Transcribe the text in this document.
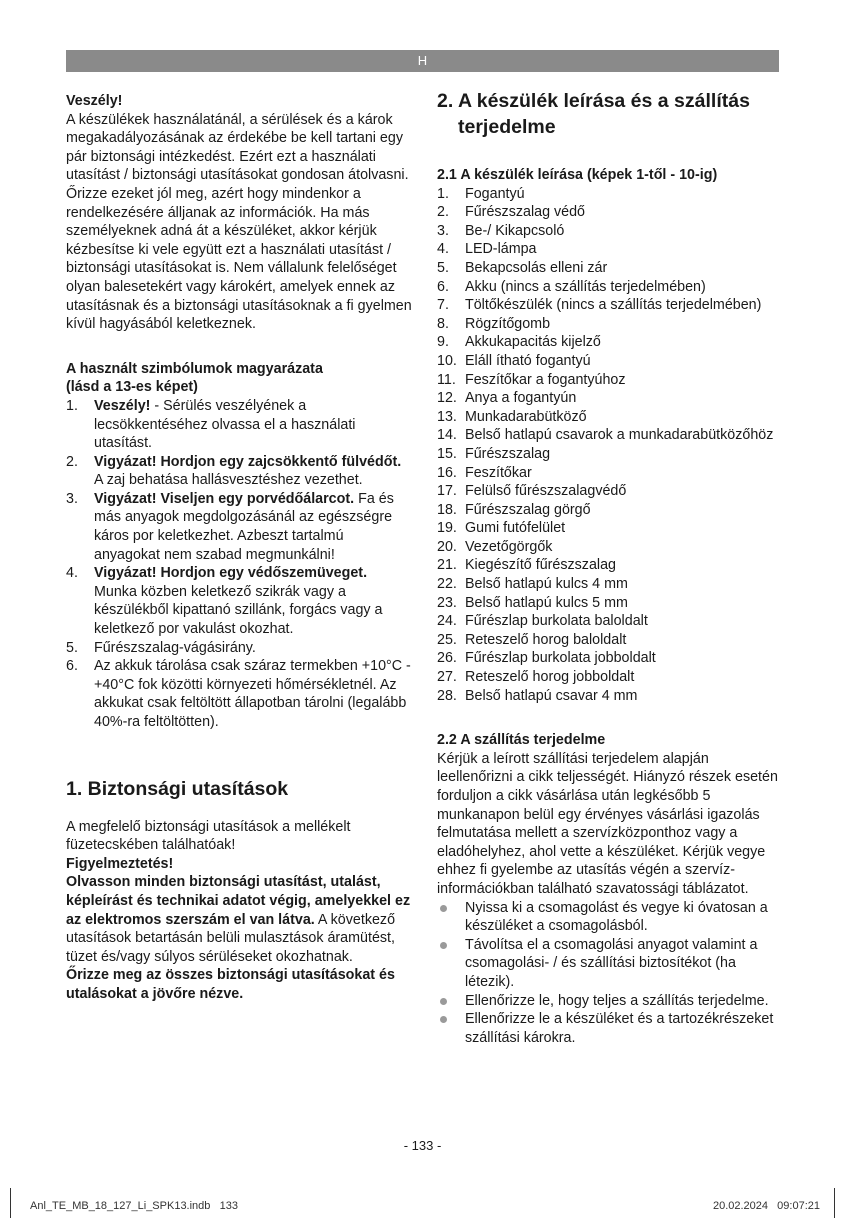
H

Veszély!

A készülékek használatánál, a sérülések és a károk megakadályozásának az érdekébe be kell tartani egy pár biztonsági intézkedést. Ezért ezt a használati utasítást / biztonsági utasításokat gondosan átolvasni. Őrizze ezeket jól meg, azért hogy mindenkor a rendelkezésére álljanak az információk. Ha más személyeknek adná át a készüléket, akkor kérjük kézbesítse ki vele együtt ezt a használati utasítást / biztonsági utasításokat is. Nem vállalunk felelőséget olyan balesetekért vagy károkért, amelyek ennek az utasításnak és a biztonsági utasításoknak a fi gyelmen kívül hagyásából keletkeznek.

A használt szimbólumok magyarázata

(lásd a 13-es képet)

1. Veszély! - Sérülés veszélyének a lecsökkentéséhez olvassa el a használati utasítást.
2. Vigyázat! Hordjon egy zajcsökkentő fülvédőt. A zaj behatása hallásvesztéshez vezethet.
3. Vigyázat! Viseljen egy porvédőálarcot. Fa és más anyagok megdolgozásánál az egészségre káros por keletkezhet. Azbeszt tartalmú anyagokat nem szabad megmunkálni!
4. Vigyázat! Hordjon egy védőszemüveget. Munka közben keletkező szikrák vagy a készülékből kipattanó szillánk, forgács vagy a keletkező por vakulást okozhat.
5. Fűrészszalag-vágásirány.
6. Az akkuk tárolása csak száraz termekben +10°C - +40°C fok közötti környezeti hőmérsékletnél. Az akkukat csak feltöltött állapotban tárolni (legalább 40%-ra feltöltötten).

1. Biztonsági utasítások

A megfelelő biztonsági utasítások a mellékelt füzetecskében találhatóak!

Figyelmeztetés!

Olvasson minden biztonsági utasítást, utalást, képleírást és technikai adatot végig, amelyekkel ez az elektromos szerszám el van látva. A következő utasítások betartásán belüli mulasztások áramütést, tüzet és/vagy súlyos sérüléseket okozhatnak.

Őrizze meg az összes biztonsági utasításokat és utalásokat a jövőre nézve.

2. A készülék leírása és a szállítás
terjedelme

2.1 A készülék leírása (képek 1-től - 10-ig)

1. Fogantyú
2. Fűrészszalag védő
3. Be-/ Kikapcsoló
4. LED-lámpa
5. Bekapcsolás elleni zár
6. Akku (nincs a szállítás terjedelmében)
7. Töltőkészülék (nincs a szállítás terjedelmében)
8. Rögzítőgomb
9. Akkukapacitás kijelző
10. Eláll ítható fogantyú
11. Feszítőkar a fogantyúhoz
12. Anya a fogantyún
13. Munkadarabütköző
14. Belső hatlapú csavarok a munkadarabütközőhöz
15. Fűrészszalag
16. Feszítőkar
17. Felülső fűrészszalagvédő
18. Fűrészszalag görgő
19. Gumi futófelület
20. Vezetőgörgők
21. Kiegészítő fűrészszalag
22. Belső hatlapú kulcs 4 mm
23. Belső hatlapú kulcs 5 mm
24. Fűrészlap burkolata baloldalt
25. Reteszelő horog baloldalt
26. Fűrészlap burkolata jobboldalt
27. Reteszelő horog jobboldalt
28. Belső hatlapú csavar 4 mm

2.2 A szállítás terjedelme

Kérjük a leírott szállítási terjedelem alapján leellenőrizni a cikk teljességét. Hiányzó részek esetén forduljon a cikk vásárlása után legkésőbb 5 munkanapon belül egy érvényes vásárlási igazolás felmutatása mellett a szervízközponthoz vagy a eladóhelyhez, ahol vette a készüléket. Kérjük vegye ehhez fi gyelembe az utasítás végén a szervíz-információkban található szavatossági táblázatot.

Nyissa ki a csomagolást és vegye ki óvatosan a készüléket a csomagolásból.
Távolítsa el a csomagolási anyagot valamint a csomagolási- / és szállítási biztosítékot (ha létezik).
Ellenőrizze le, hogy teljes a szállítás terjedelme.
Ellenőrizze le a készüléket és a tartozékrészeket szállítási károkra.
- 133 -
Anl_TE_MB_18_127_Li_SPK13.indb   133	20.02.2024   09:07:21
